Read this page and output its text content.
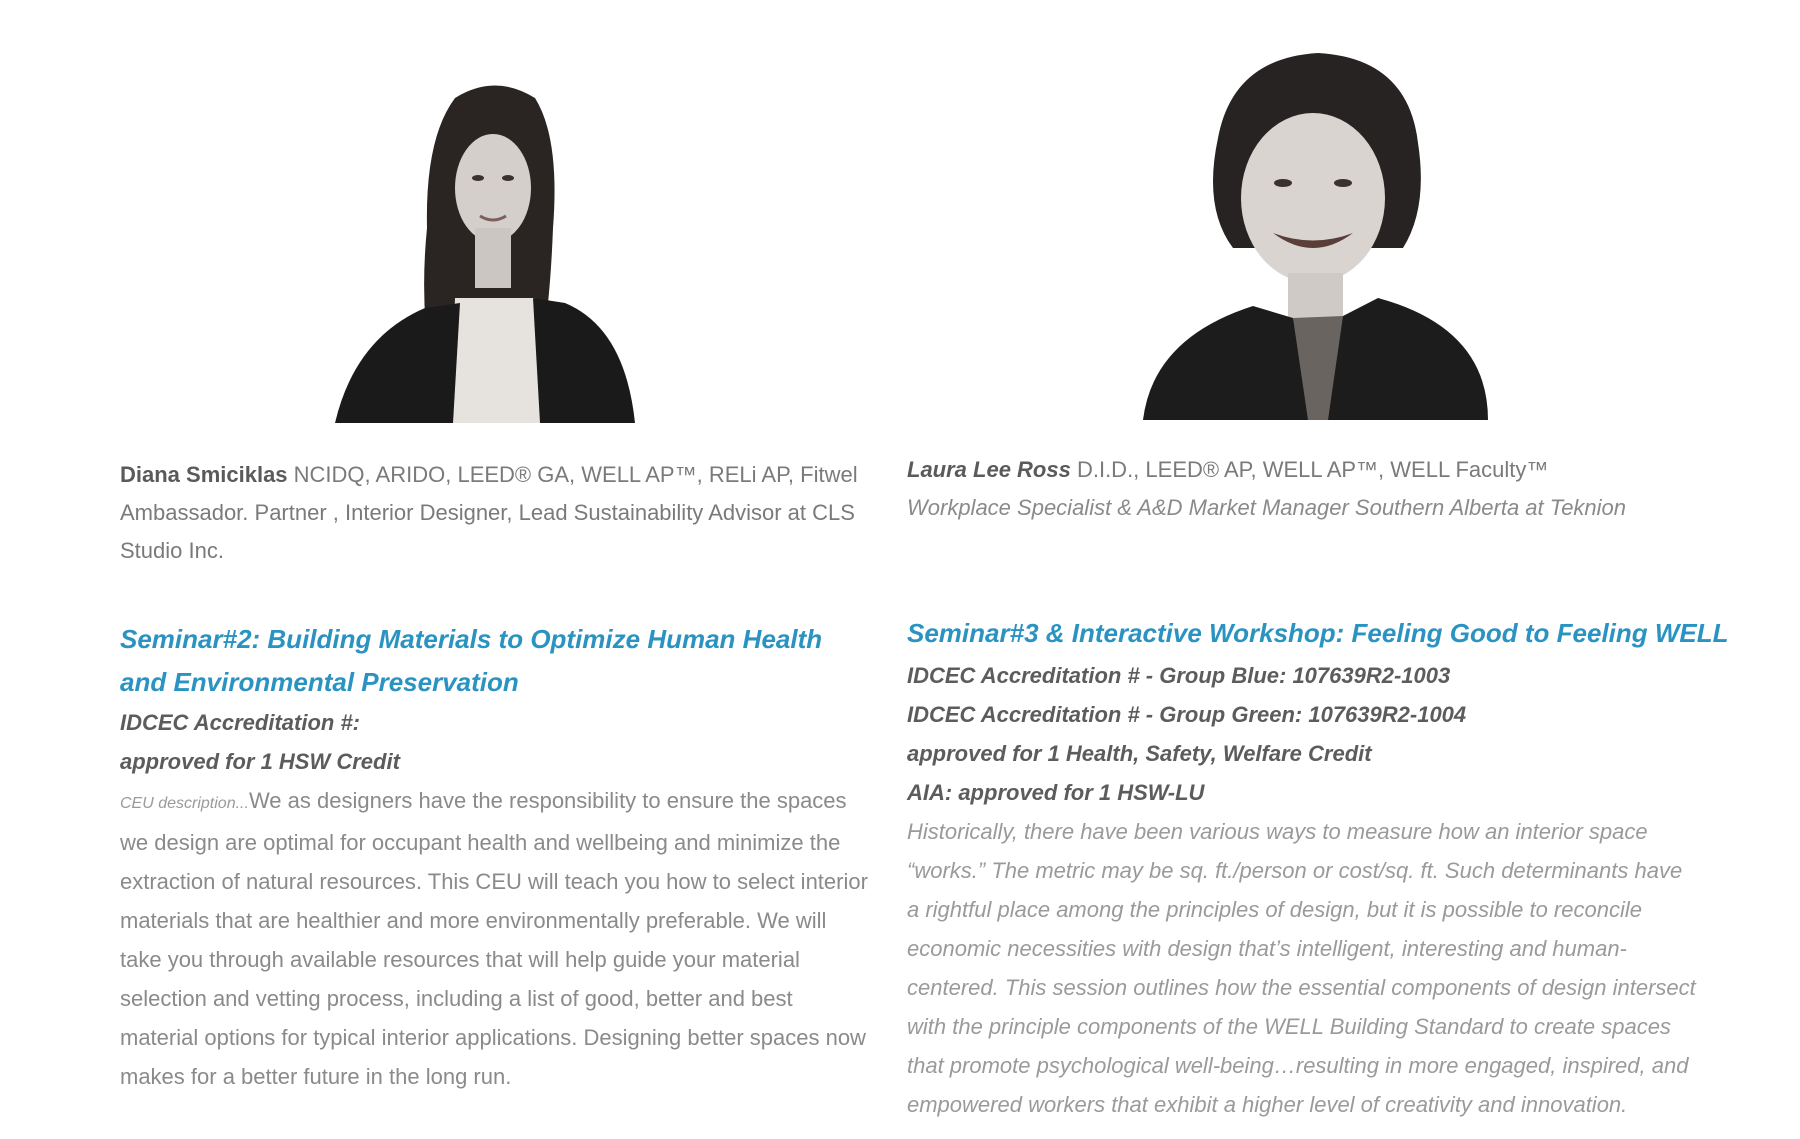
Diana Smiciklas NCIDQ, ARIDO, LEED® GA, WELL AP™, RELi AP, Fitwel Ambassador. Partner , Interior Designer, Lead Sustainability Advisor at CLS Studio Inc.

Seminar#2: Building Materials to Optimize Human Health and Environmental Preservation

IDCEC Accreditation #:
approved for 1 HSW Credit

CEU description...We as designers have the responsibility to ensure the spaces we design are optimal for occupant health and wellbeing and minimize the extraction of natural resources. This CEU will teach you how to select interior materials that are healthier and more environmentally preferable. We will take you through available resources that will help guide your material selection and vetting process, including a list of good, better and best material options for typical interior applications. Designing better spaces now makes for a better future in the long run.

Laura Lee Ross D.I.D., LEED® AP, WELL AP™, WELL Faculty™
Workplace Specialist & A&D Market Manager Southern Alberta at Teknion

Seminar#3 & Interactive Workshop: Feeling Good to Feeling WELL

IDCEC Accreditation # - Group Blue: 107639R2-1003
IDCEC Accreditation # - Group Green: 107639R2-1004
approved for 1 Health, Safety, Welfare Credit
AIA: approved for 1 HSW-LU

Historically, there have been various ways to measure how an interior space “works.” The metric may be sq. ft./person or cost/sq. ft. Such determinants have a rightful place among the principles of design, but it is possible to reconcile economic necessities with design that’s intelligent, interesting and human-centered. This session outlines how the essential components of design intersect with the principle components of the WELL Building Standard to create spaces that promote psychological well-being…resulting in more engaged, inspired, and empowered workers that exhibit a higher level of creativity and innovation.
